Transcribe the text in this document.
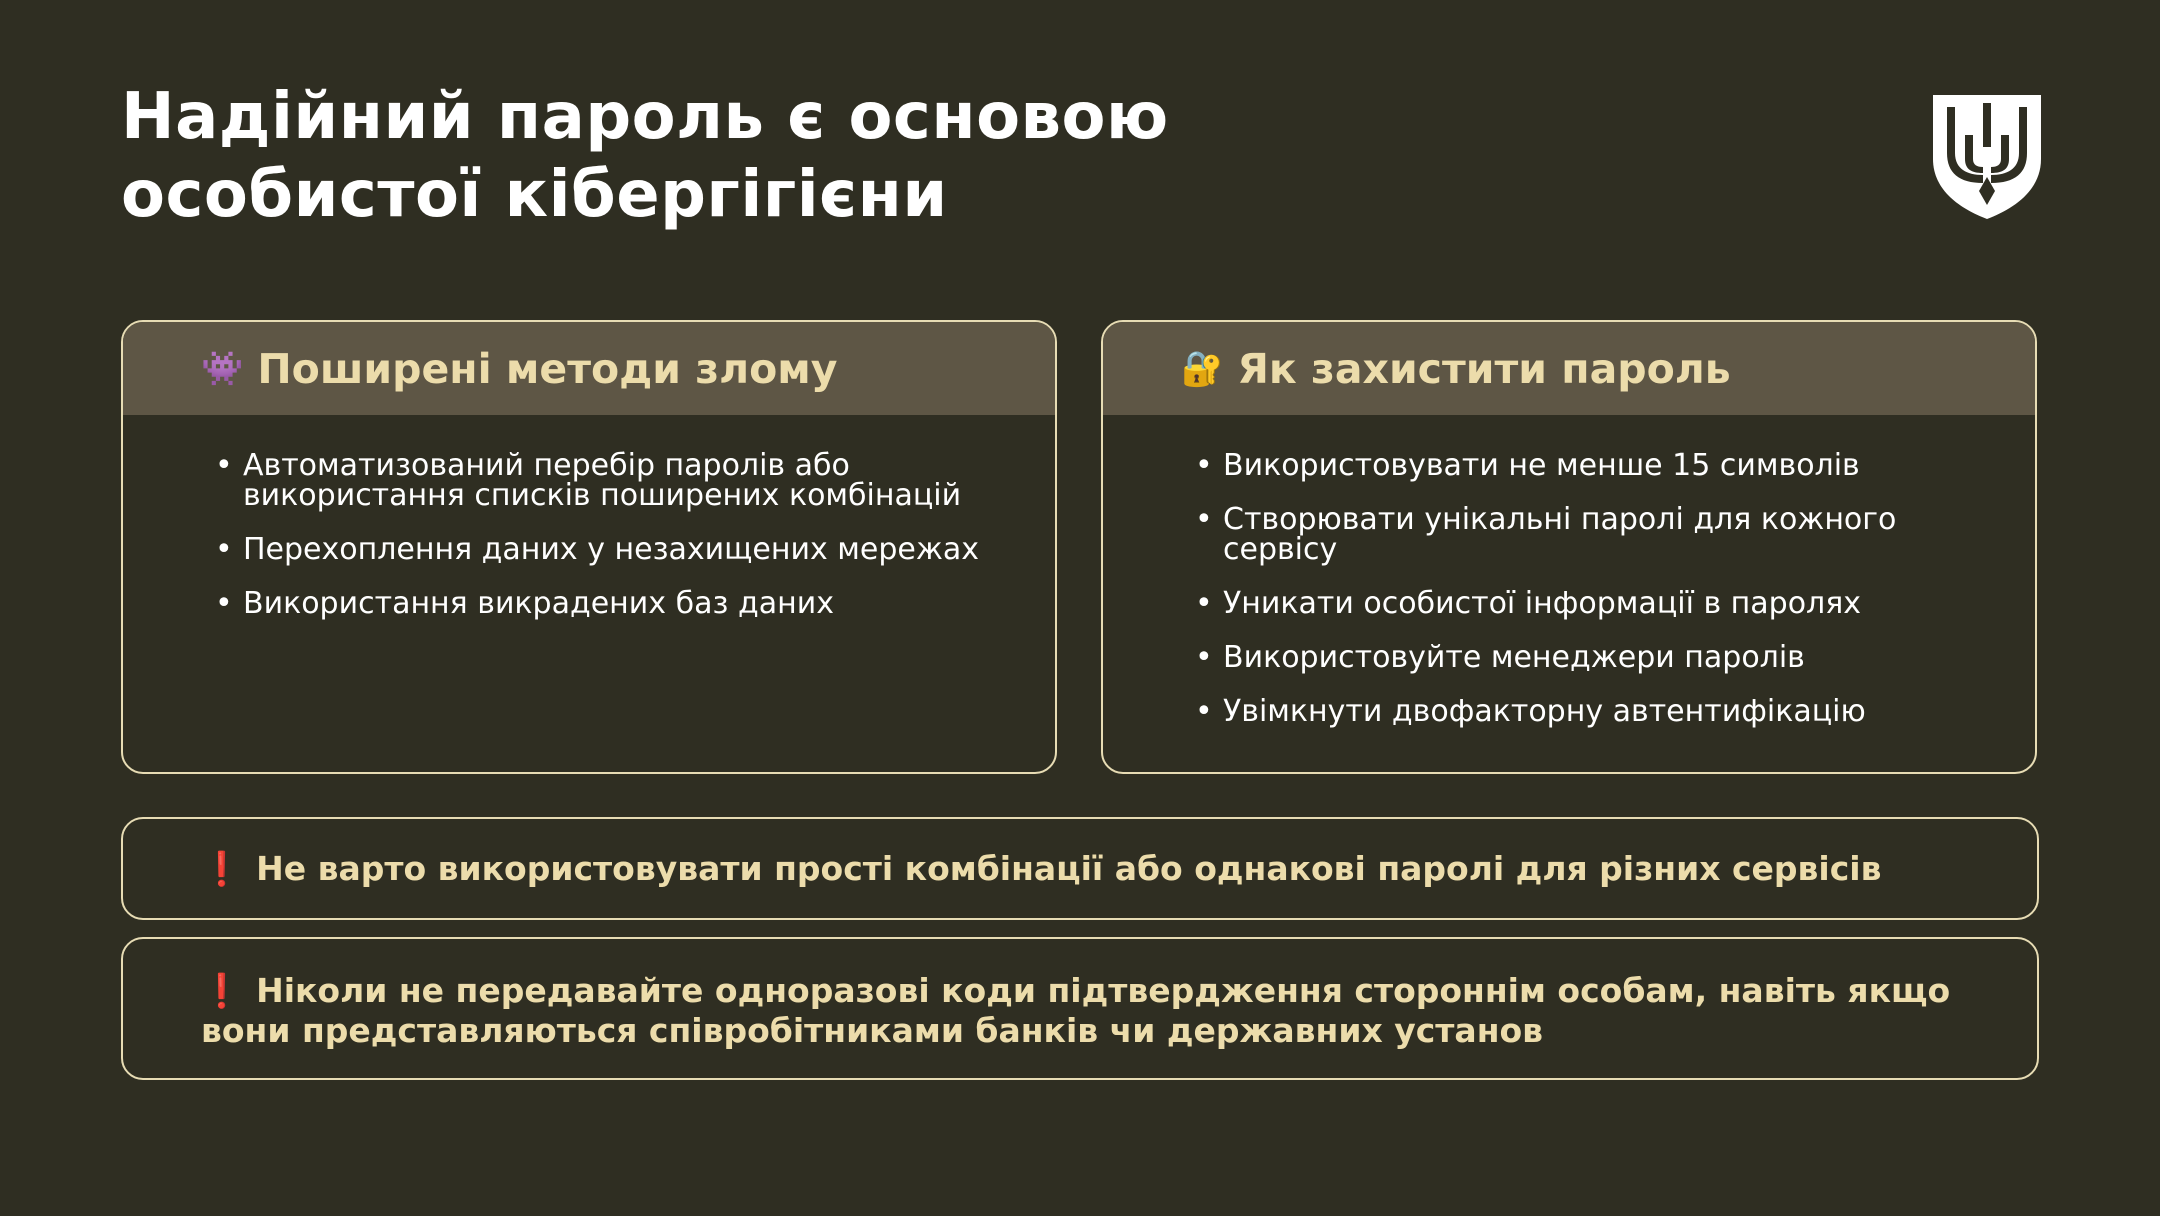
Надійний пароль є основою
особистої кібергігієни
👾 Поширені методи злому
• Автоматизований перебір паролів або використання списків поширених комбінацій
• Перехоплення даних у незахищених мережах
• Використання викрадених баз даних
🔐 Як захистити пароль
• Використовувати не менше 15 символів
• Створювати унікальні паролі для кожного сервісу
• Уникати особистої інформації в паролях
• Використовуйте менеджери паролів
• Увімкнути двофакторну автентифікацію
❗ Не варто використовувати прості комбінації або однакові паролі для різних сервісів
❗ Ніколи не передавайте одноразові коди підтвердження стороннім особам, навіть якщо вони представляються співробітниками банків чи державних установ
